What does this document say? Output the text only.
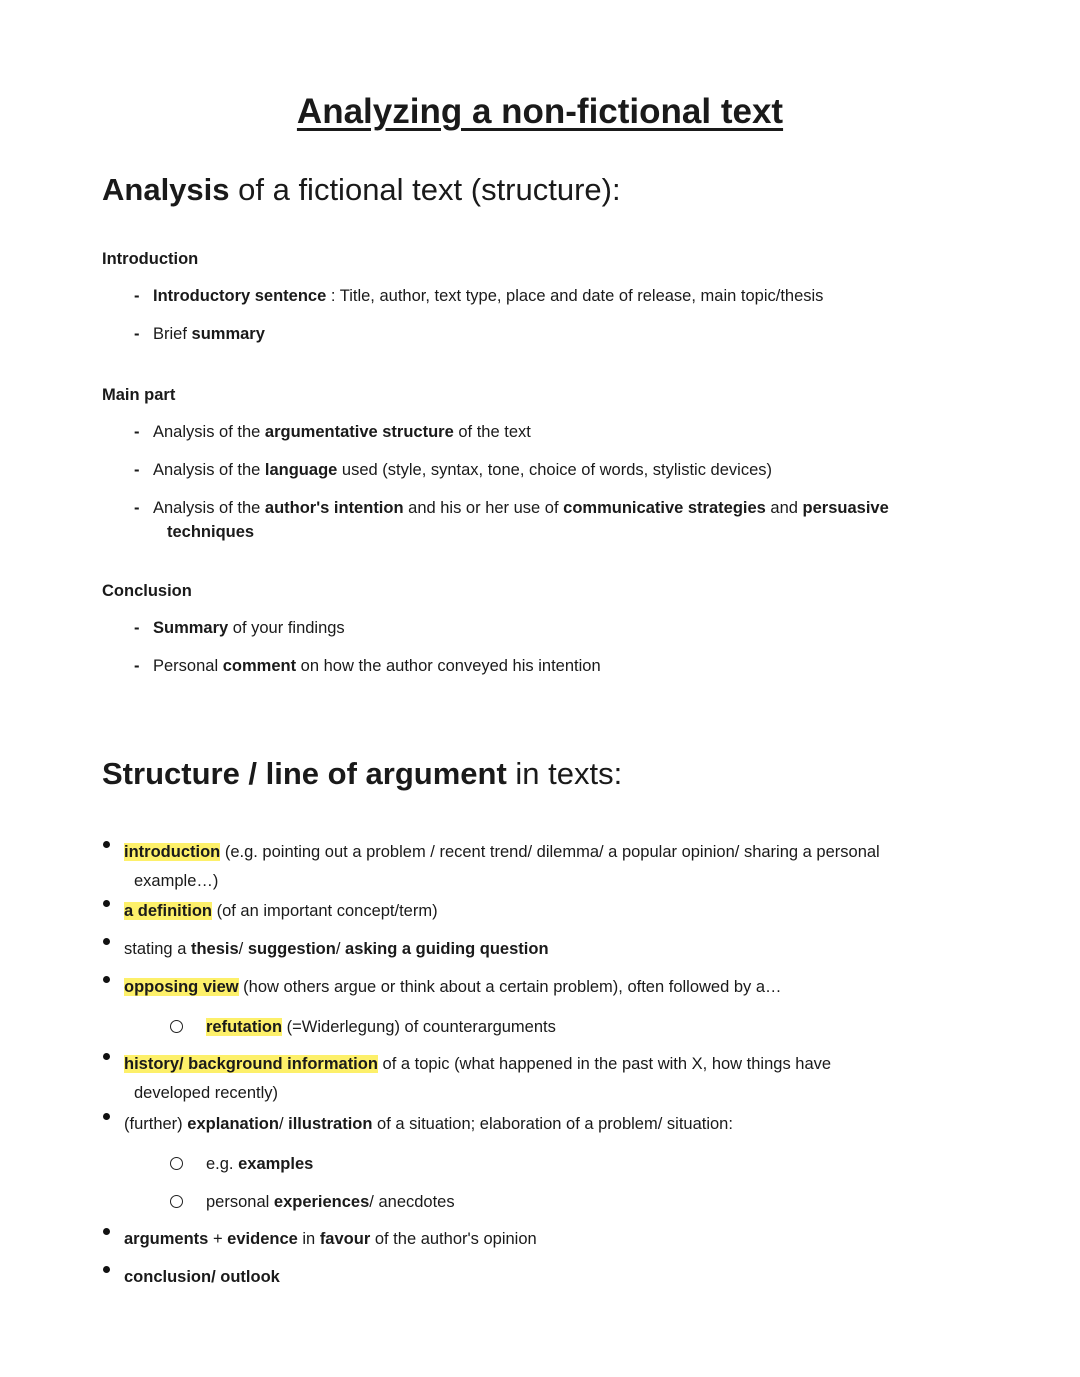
Analyzing a non-fictional text
Analysis of a fictional text (structure):
Introduction
- Introductory sentence : Title, author, text type, place and date of release, main topic/thesis
- Brief summary
Main part
- Analysis of the argumentative structure of the text
- Analysis of the language used (style, syntax, tone, choice of words, stylistic devices)
- Analysis of the author's intention and his or her use of communicative strategies and persuasive
techniques
Conclusion
- Summary of your findings
- Personal comment on how the author conveyed his intention
Structure / line of argument in texts:
introduction (e.g. pointing out a problem / recent trend/ dilemma/ a popular opinion/ sharing a personal
example…)
a definition (of an important concept/term)
stating a thesis/ suggestion/ asking a guiding question
opposing view (how others argue or think about a certain problem), often followed by a…
refutation (=Widerlegung) of counterarguments
history/ background information of a topic (what happened in the past with X, how things have
developed recently)
(further) explanation/ illustration of a situation; elaboration of a problem/ situation:
e.g. examples
personal experiences/ anecdotes
arguments + evidence in favour of the author's opinion
conclusion/ outlook
